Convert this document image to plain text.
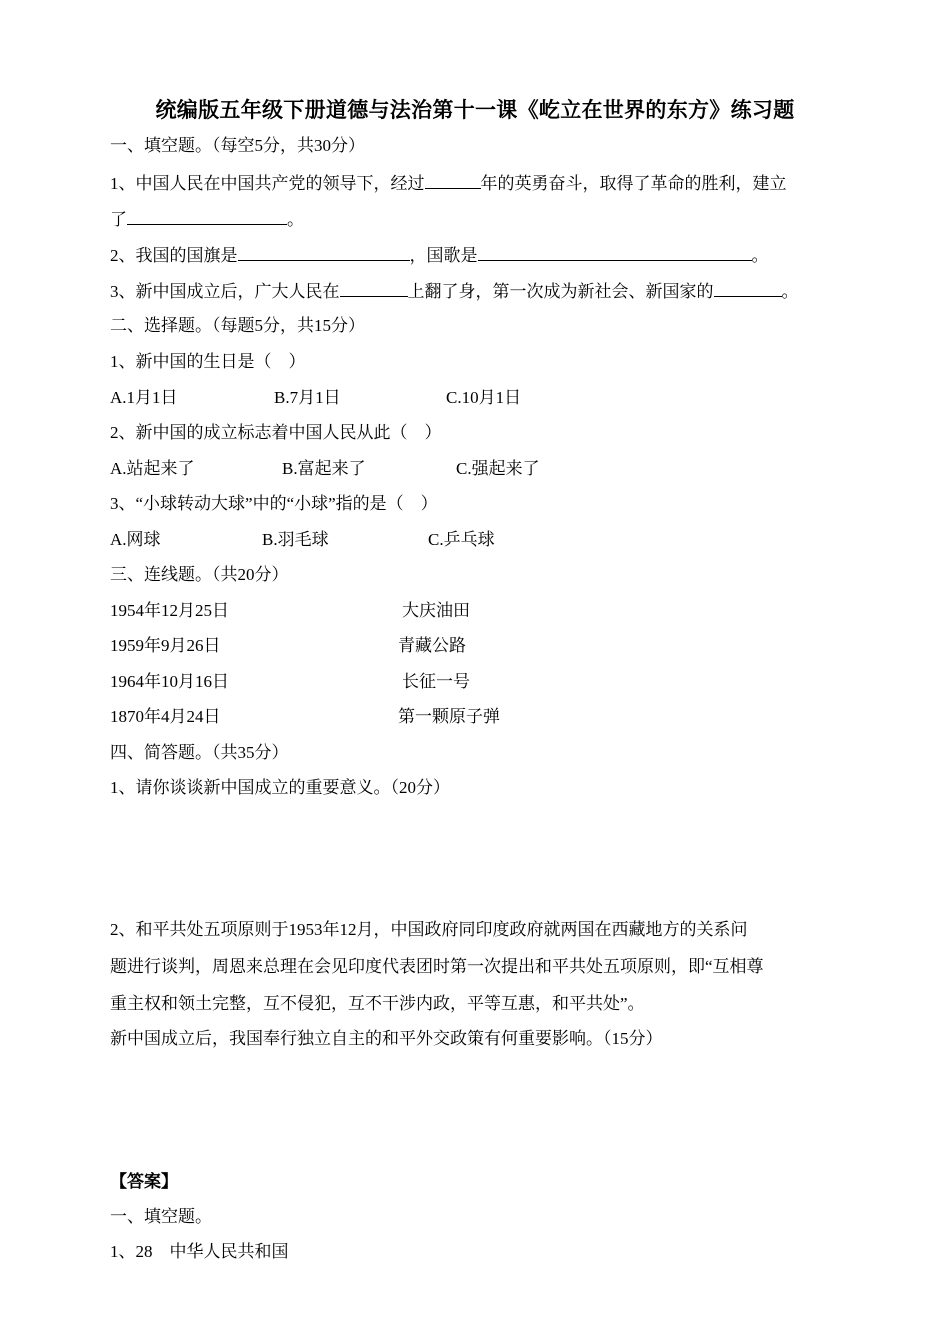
统编版五年级下册道德与法治第十一课《屹立在世界的东方》练习题
一、填空题。（每空5分，共30分）
1、中国人民在中国共产党的领导下，经过	年的英勇奋斗，取得了革命的胜利，建立
了	。
2、我国的国旗是	，国歌是	。
3、新中国成立后，广大人民在	上翻了身，第一次成为新社会、新国家的	。
二、选择题。（每题5分，共15分）
1、新中国的生日是（　）
A.1月1日	B.7月1日	C.10月1日
2、新中国的成立标志着中国人民从此（　）
A.站起来了	B.富起来了	C.强起来了
3、“小球转动大球”中的“小球”指的是（　）
A.网球	B.羽毛球	C.乒乓球
三、连线题。（共20分）
1954年12月25日	大庆油田
1959年9月26日	青藏公路
1964年10月16日	长征一号
1870年4月24日	第一颗原子弹
四、简答题。（共35分）
1、请你谈谈新中国成立的重要意义。（20分）
2、和平共处五项原则于1953年12月，中国政府同印度政府就两国在西藏地方的关系问
题进行谈判，周恩来总理在会见印度代表团时第一次提出和平共处五项原则，即“互相尊
重主权和领土完整，互不侵犯，互不干涉内政，平等互惠，和平共处”。
新中国成立后，我国奉行独立自主的和平外交政策有何重要影响。（15分）
【答案】
一、填空题。
1、28　中华人民共和国
